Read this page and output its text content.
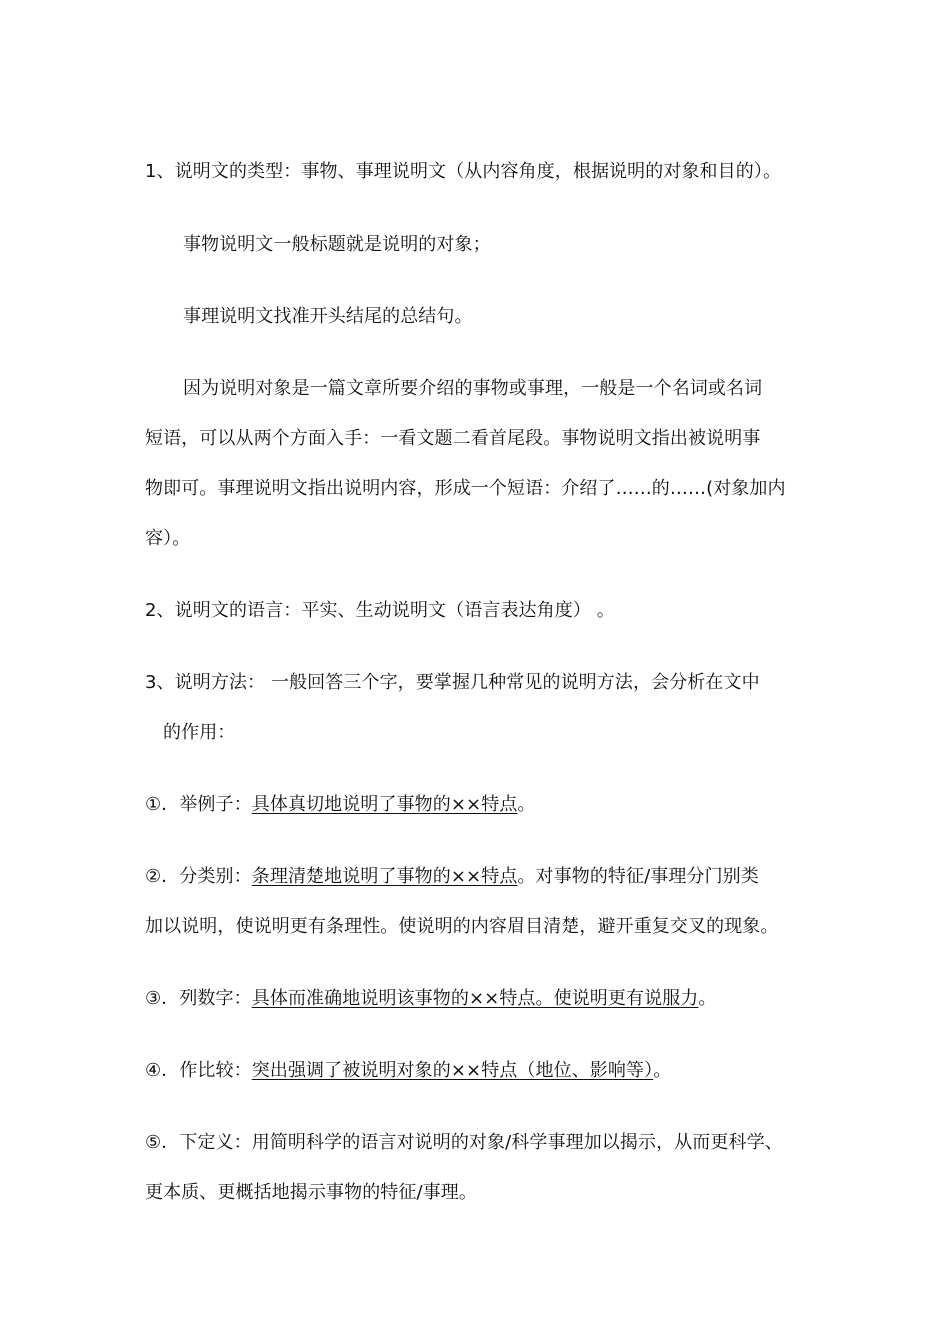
1、说明文的类型：事物、事理说明文（从内容角度，根据说明的对象和目的）。
事物说明文一般标题就是说明的对象；
事理说明文找准开头结尾的总结句。
因为说明对象是一篇文章所要介绍的事物或事理，一般是一个名词或名词
短语，可以从两个方面入手：一看文题二看首尾段。事物说明文指出被说明事
物即可。事理说明文指出说明内容，形成一个短语：介绍了……的……(对象加内
容）。
2、说明文的语言：平实、生动说明文（语言表达角度） 。
3、说明方法： 一般回答三个字，要掌握几种常见的说明方法，会分析在文中
的作用：
①．举例子：具体真切地说明了事物的××特点。
②．分类别：条理清楚地说明了事物的××特点。对事物的特征/事理分门别类
加以说明，使说明更有条理性。使说明的内容眉目清楚，避开重复交叉的现象。
③．列数字：具体而准确地说明该事物的××特点。使说明更有说服力。
④．作比较：突出强调了被说明对象的××特点（地位、影响等）。
⑤．下定义：用简明科学的语言对说明的对象/科学事理加以揭示，从而更科学、
更本质、更概括地揭示事物的特征/事理。
